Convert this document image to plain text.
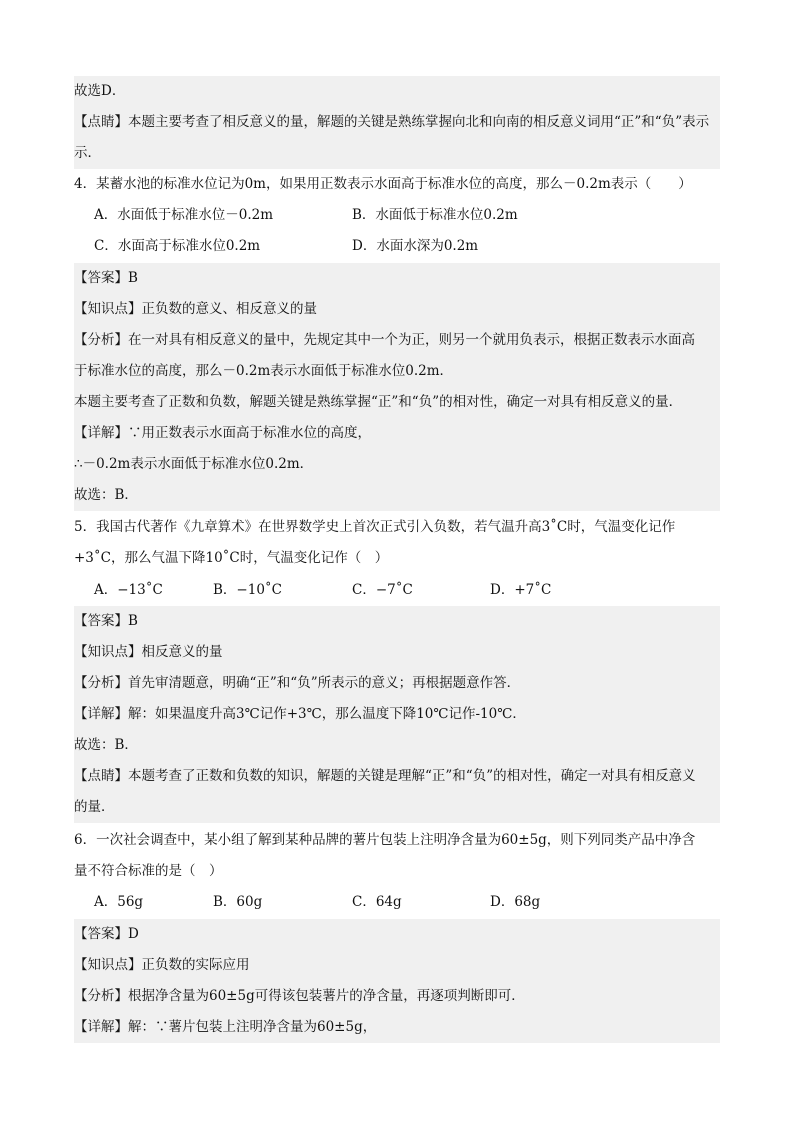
故选D．
【点睛】本题主要考查了相反意义的量，解题的关键是熟练掌握向北和向南的相反意义词用“正”和“负”表示
示．
4．某蓄水池的标准水位记为0m，如果用正数表示水面高于标准水位的高度，那么－0.2m表示（　　）
A．水面低于标准水位－0.2m	B．水面低于标准水位0.2m
C．水面高于标准水位0.2m	D．水面水深为0.2m
【答案】B
【知识点】正负数的意义、相反意义的量
【分析】在一对具有相反意义的量中，先规定其中一个为正，则另一个就用负表示，根据正数表示水面高
于标准水位的高度，那么－0.2m表示水面低于标准水位0.2m．
本题主要考查了正数和负数，解题关键是熟练掌握“正”和“负”的相对性，确定一对具有相反意义的量．
【详解】∵用正数表示水面高于标准水位的高度，
∴－0.2m表示水面低于标准水位0.2m．
故选：B．
5．我国古代著作《九章算术》在世界数学史上首次正式引入负数，若气温升高3˚C时，气温变化记作
+3˚C，那么气温下降10˚C时，气温变化记作（　）
A．−13˚C	B．−10˚C	C．−7˚C	D．+7˚C
【答案】B
【知识点】相反意义的量
【分析】首先审清题意，明确“正”和“负”所表示的意义；再根据题意作答．
【详解】解：如果温度升高3℃记作+3℃，那么温度下降10℃记作-10℃．
故选：B．
【点睛】本题考查了正数和负数的知识，解题的关键是理解“正”和“负”的相对性，确定一对具有相反意义
的量．
6．一次社会调查中，某小组了解到某种品牌的薯片包装上注明净含量为60±5g，则下列同类产品中净含
量不符合标准的是（　）
A．56g	B．60g	C．64g	D．68g
【答案】D
【知识点】正负数的实际应用
【分析】根据净含量为60±5g可得该包装薯片的净含量，再逐项判断即可．
【详解】解：∵薯片包装上注明净含量为60±5g，
